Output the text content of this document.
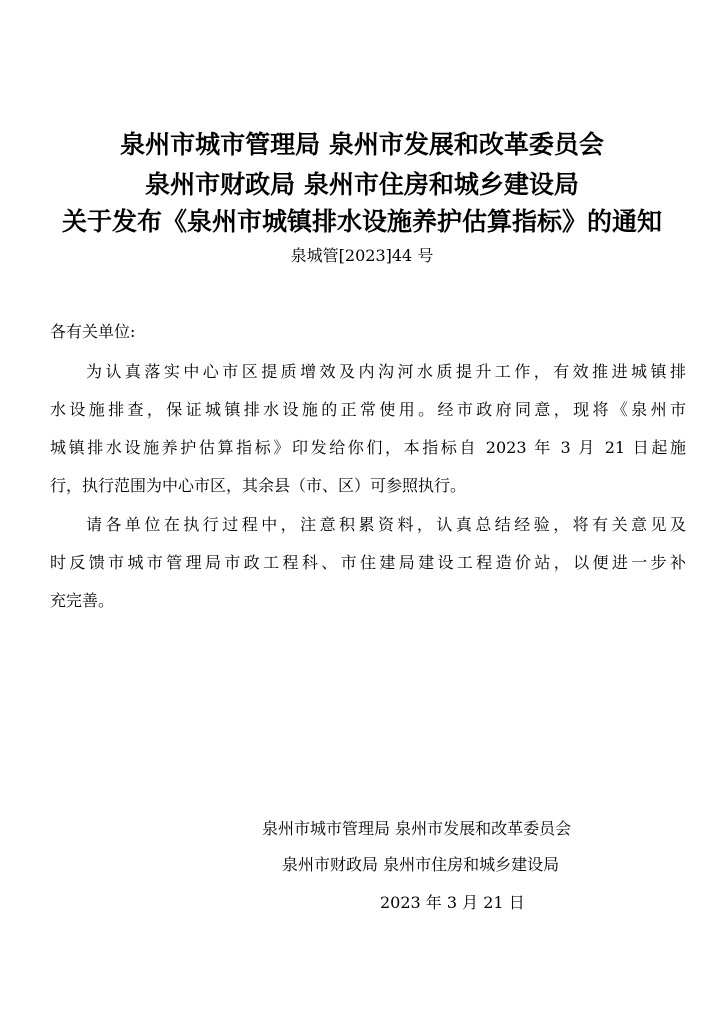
泉州市城市管理局 泉州市发展和改革委员会
泉州市财政局 泉州市住房和城乡建设局
关于发布《泉州市城镇排水设施养护估算指标》的通知
泉城管[2023]44 号
各有关单位:
为认真落实中心市区提质增效及内沟河水质提升工作，有效推进城镇排
水设施排查，保证城镇排水设施的正常使用。经市政府同意，现将《泉州市
城镇排水设施养护估算指标》印发给你们，本指标自 2023 年 3 月 21 日起施
行，执行范围为中心市区，其余县（市、区）可参照执行。
请各单位在执行过程中，注意积累资料，认真总结经验，将有关意见及
时反馈市城市管理局市政工程科、市住建局建设工程造价站，以便进一步补
充完善。
泉州市城市管理局 泉州市发展和改革委员会
泉州市财政局 泉州市住房和城乡建设局
2023 年 3 月 21 日
